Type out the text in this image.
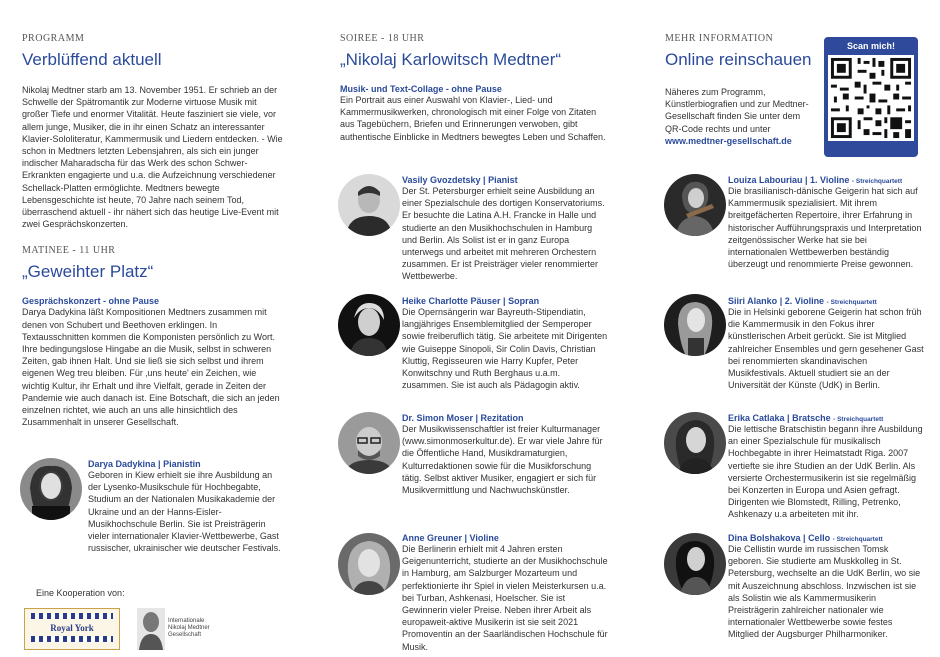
PROGRAMM
Verblüffend aktuell
Nikolaj Medtner starb am 13. November 1951. Er schrieb an der Schwelle der Spätromantik zur Moderne virtuose Musik mit großer Tiefe und enormer Vitalität. Heute fasziniert sie viele, vor allem junge, Musiker, die in ihr einen Schatz an interessanter Klavier-Sololiteratur, Kammermusik und Liedern entdecken. - Wie schon in Medtners letzten Lebensjahren, als sich ein junger indischer Maharadscha für das Werk des schon Schwer-Erkrankten engagierte und u.a. die Aufzeichnung verschiedener Schellack-Platten ermöglichte. Medtners bewegte Lebensgeschichte ist heute, 70 Jahre nach seinem Tod, überraschend aktuell - ihr nähert sich das heutige Live-Event mit zwei Gesprächskonzerten.
MATINEE - 11 UHR
„Geweihter Platz“
Gesprächskonzert - ohne Pause
Darya Dadykina läßt Kompositionen Medtners zusammen mit denen von Schubert und Beethoven erklingen. In Textausschnitten kommen die Komponisten persönlich zu Wort. Ihre bedingungslose Hingabe an die Musik, selbst in schweren Zeiten, gab ihnen Halt. Und sie ließ sie sich selbst und ihrem eigenen Weg treu bleiben. Für ‚uns heute' ein Zeichen, wie wichtig Kultur, ihr Erhalt und ihre Vielfalt, gerade in Zeiten der Pandemie wie auch danach ist. Eine Botschaft, die sich an jeden einzelnen richtet, wie auch an uns alle hinsichtlich des Zusammenhalt in unserer Gesellschaft.
Darya Dadykina | Pianistin
Geboren in Kiew erhielt sie ihre Ausbildung an der Lysenko-Musikschule für Hochbegabte, Studium an der Nationalen Musikakademie der Ukraine und an der Hanns-Eisler-Musikhochschule Berlin. Sie ist Preisträgerin vieler internationaler Klavier-Wettbewerbe, Gast russischer, ukrainischer wie deutscher Festivals.
Eine Kooperation von:
Royal York
Internationale Nikolaj Medtner Gesellschaft
SOIREE - 18 UHR
„Nikolaj Karlowitsch Medtner“
Musik- und Text-Collage - ohne Pause
Ein Portrait aus einer Auswahl von Klavier-, Lied- und Kammermusikwerken, chronologisch mit einer Folge von Zitaten aus Tagebüchern, Briefen und Erinnerungen verwoben, gibt authentische Einblicke in Medtners bewegtes Leben und Schaffen.
Vasily Gvozdetsky | Pianist
Der St. Petersburger erhielt seine Ausbildung an einer Spezialschule des dortigen Konservatoriums. Er besuchte die Latina A.H. Francke in Halle und studierte an den Musikhochschulen in Hamburg und Berlin. Als Solist ist er in ganz Europa unterwegs und arbeitet mit mehreren Orchestern zusammen. Er ist Preisträger vieler renommierter Wettbewerbe.
Heike Charlotte Päuser | Sopran
Die Opernsängerin war Bayreuth-Stipendiatin, langjähriges Ensemblemitglied der Semperoper sowie freiberuflich tätig. Sie arbeitete mit Dirigenten wie Guiseppe Sinopoli, Sir Colin Davis, Christian Kluttig, Regisseuren wie Harry Kupfer, Peter Konwitschny und Ruth Berghaus u.a.m. zusammen. Sie ist auch als Pädagogin aktiv.
Dr. Simon Moser | Rezitation
Der Musikwissenschaftler ist freier Kulturmanager (www.simonmoserkultur.de). Er war viele Jahre für die Öffentliche Hand, Musikdramaturgien, Kulturredaktionen sowie für die Musikforschung tätig. Selbst aktiver Musiker, engagiert er sich für Musikvermittlung und Nachwuchskünstler.
Anne Greuner | Violine
Die Berlinerin erhielt mit 4 Jahren ersten Geigenunterricht, studierte an der Musikhochschule in Hamburg, am Salzburger Mozarteum und perfektionierte ihr Spiel in vielen Meisterkursen u.a. bei Turban, Ashkenasi, Hoelscher. Sie ist Gewinnerin vieler Preise. Neben ihrer Arbeit als europaweit-aktive Musikerin ist sie seit 2021 Promoventin an der Saarländischen Hochschule für Musik.
MEHR INFORMATION
Online reinschauen
Näheres zum Programm, Künstlerbiografien und zur Medtner-Gesellschaft finden Sie unter dem QR-Code rechts und unter
www.medtner-gesellschaft.de
Scan mich!
Louiza Labouriau | 1. Violine - Streichquartett
Die brasilianisch-dänische Geigerin hat sich auf Kammermusik spezialisiert. Mit ihrem breitgefächerten Repertoire, ihrer Erfahrung in historischer Aufführungspraxis und Interpretation zeitgenössischer Werke hat sie bei internationalen Wettbewerben beständig überzeugt und renommierte Preise gewonnen.
Siiri Alanko | 2. Violine - Streichquartett
Die in Helsinki geborene Geigerin hat schon früh die Kammermusik in den Fokus ihrer künstlerischen Arbeit gerückt. Sie ist Mitglied zahlreicher Ensembles und gern gesehener Gast bei renommierten skandinavischen Musikfestivals. Aktuell studiert sie an der Universität der Künste (UdK) in Berlin.
Erika Catlaka | Bratsche - Streichquartett
Die lettische Bratschistin begann ihre Ausbildung an einer Spezialschule für musikalisch Hochbegabte in ihrer Heimatstadt Riga. 2007 vertiefte sie ihre Studien an der UdK Berlin. Als versierte Orchestermusikerin ist sie regelmäßig bei Konzerten in Europa und Asien gefragt. Dirigenten wie Blomstedt, Rilling, Petrenko, Ashkenazy u.a arbeiteten mit ihr.
Dina Bolshakova | Cello - Streichquartett
Die Cellistin wurde im russischen Tomsk geboren. Sie studierte am Muskkolleg in St. Petersburg, wechselte an die UdK Berlin, wo sie mit Auszeichnung abschloss. Inzwischen ist sie als Solistin wie als Kammermusikerin Preisträgerin zahlreicher nationaler wie internationaler Wettbewerbe sowie festes Mitglied der Augsburger Philharmoniker.
